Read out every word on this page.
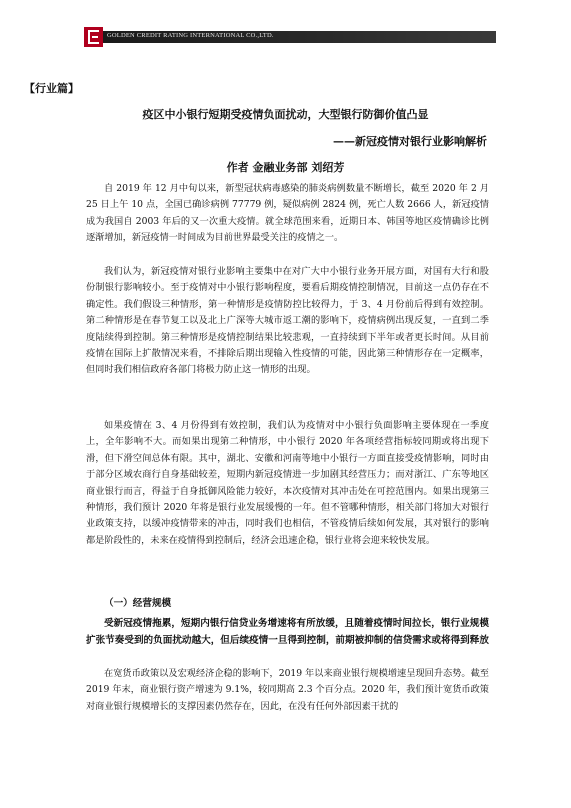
GOLDEN CREDIT RATING INTERNATIONAL CO.,LTD.
【行业篇】
疫区中小银行短期受疫情负面扰动，大型银行防御价值凸显
——新冠疫情对银行业影响解析
作者 金融业务部 刘绍芳

自 2019 年 12 月中旬以来，新型冠状病毒感染的肺炎病例数量不断增长，截至 2020 年 2 月 25 日上午 10 点，全国已确诊病例 77779 例，疑似病例 2824 例，死亡人数 2666 人，新冠疫情成为我国自 2003 年后的又一次重大疫情。就全球范围来看，近期日本、韩国等地区疫情确诊比例逐渐增加，新冠疫情一时间成为目前世界最受关注的疫情之一。

我们认为，新冠疫情对银行业影响主要集中在对广大中小银行业务开展方面，对国有大行和股份制银行影响较小。至于疫情对中小银行影响程度，要看后期疫情控制情况，目前这一点仍存在不确定性。我们假设三种情形，第一种情形是疫情防控比较得力，于 3、4 月份前后得到有效控制。第二种情形是在春节复工以及北上广深等大城市返工潮的影响下，疫情病例出现反复，一直到二季度陆续得到控制。第三种情形是疫情控制结果比较悲观，一直持续到下半年或者更长时间。从目前疫情在国际上扩散情况来看，不排除后期出现输入性疫情的可能，因此第三种情形存在一定概率，但同时我们相信政府各部门将极力防止这一情形的出现。

如果疫情在 3、4 月份得到有效控制，我们认为疫情对中小银行负面影响主要体现在一季度上，全年影响不大。而如果出现第二种情形，中小银行 2020 年各项经营指标较同期或将出现下滑，但下滑空间总体有限。其中，湖北、安徽和河南等地中小银行一方面直接受疫情影响，同时由于部分区域农商行自身基础较差，短期内新冠疫情进一步加剧其经营压力；而对浙江、广东等地区商业银行而言，得益于自身抵御风险能力较好，本次疫情对其冲击处在可控范围内。如果出现第三种情形，我们预计 2020 年将是银行业发展缓慢的一年。但不管哪种情形，相关部门将加大对银行业政策支持，以缓冲疫情带来的冲击，同时我们也相信，不管疫情后续如何发展，其对银行的影响都是阶段性的，未来在疫情得到控制后，经济会迅速企稳，银行业将会迎来较快发展。

（一）经营规模

受新冠疫情拖累，短期内银行信贷业务增速将有所放缓，且随着疫情时间拉长，银行业规模扩张节奏受到的负面扰动越大，但后续疫情一旦得到控制，前期被抑制的信贷需求或将得到释放

在宽货币政策以及宏观经济企稳的影响下，2019 年以来商业银行规模增速呈现回升态势。截至 2019 年末，商业银行资产增速为 9.1%，较同期高 2.3 个百分点。2020 年，我们预计宽货币政策对商业银行规模增长的支撑因素仍然存在，因此，在没有任何外部因素干扰的
